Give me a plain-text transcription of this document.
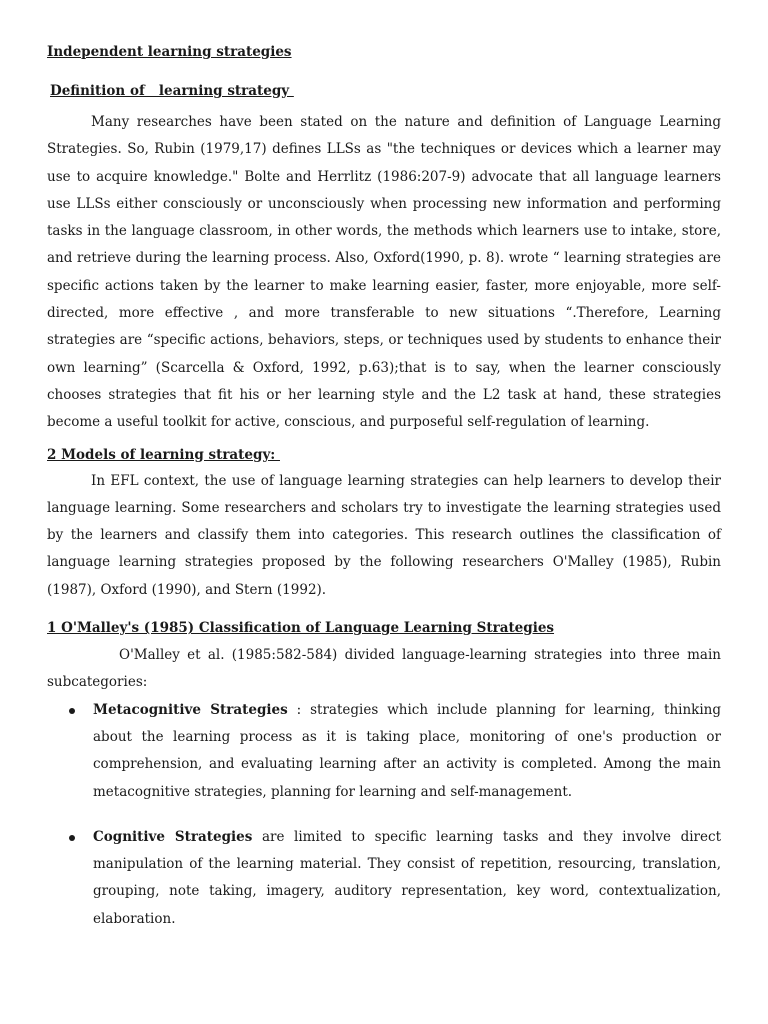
Independent learning strategies

Definition of   learning strategy

Many researches have been stated on the nature and definition of Language Learning Strategies. So, Rubin (1979,17) defines LLSs as "the techniques or devices which a learner may use to acquire knowledge." Bolte and Herrlitz (1986:207-9) advocate that all language learners use LLSs either consciously or unconsciously when processing new information and performing tasks in the language classroom, in other words, the methods which learners use to intake, store, and retrieve during the learning process. Also, Oxford(1990, p. 8). wrote “ learning strategies are specific actions taken by the learner to make learning easier, faster, more enjoyable, more self-directed, more effective , and more transferable to new situations “.Therefore, Learning strategies are “specific actions, behaviors, steps, or techniques used by students to enhance their own learning” (Scarcella & Oxford, 1992, p.63);that is to say, when the learner consciously chooses strategies that fit his or her learning style and the L2 task at hand, these strategies become a useful toolkit for active, conscious, and purposeful self-regulation of learning.

2 Models of learning strategy:

In EFL context, the use of language learning strategies can help learners to develop their language learning. Some researchers and scholars try to investigate the learning strategies used by the learners and classify them into categories. This research outlines the classification of language learning strategies proposed by the following researchers O'Malley (1985), Rubin (1987), Oxford (1990), and Stern (1992).

1 O'Malley's (1985) Classification of Language Learning Strategies

O'Malley et al. (1985:582-584) divided language-learning strategies into three main subcategories:

Metacognitive Strategies : strategies which include planning for learning, thinking about the learning process as it is taking place, monitoring of one's production or comprehension, and evaluating learning after an activity is completed. Among the main metacognitive strategies, planning for learning and self-management.
Cognitive Strategies are limited to specific learning tasks and they involve direct manipulation of the learning material. They consist of repetition, resourcing, translation, grouping, note taking, imagery, auditory representation, key word, contextualization, elaboration.
